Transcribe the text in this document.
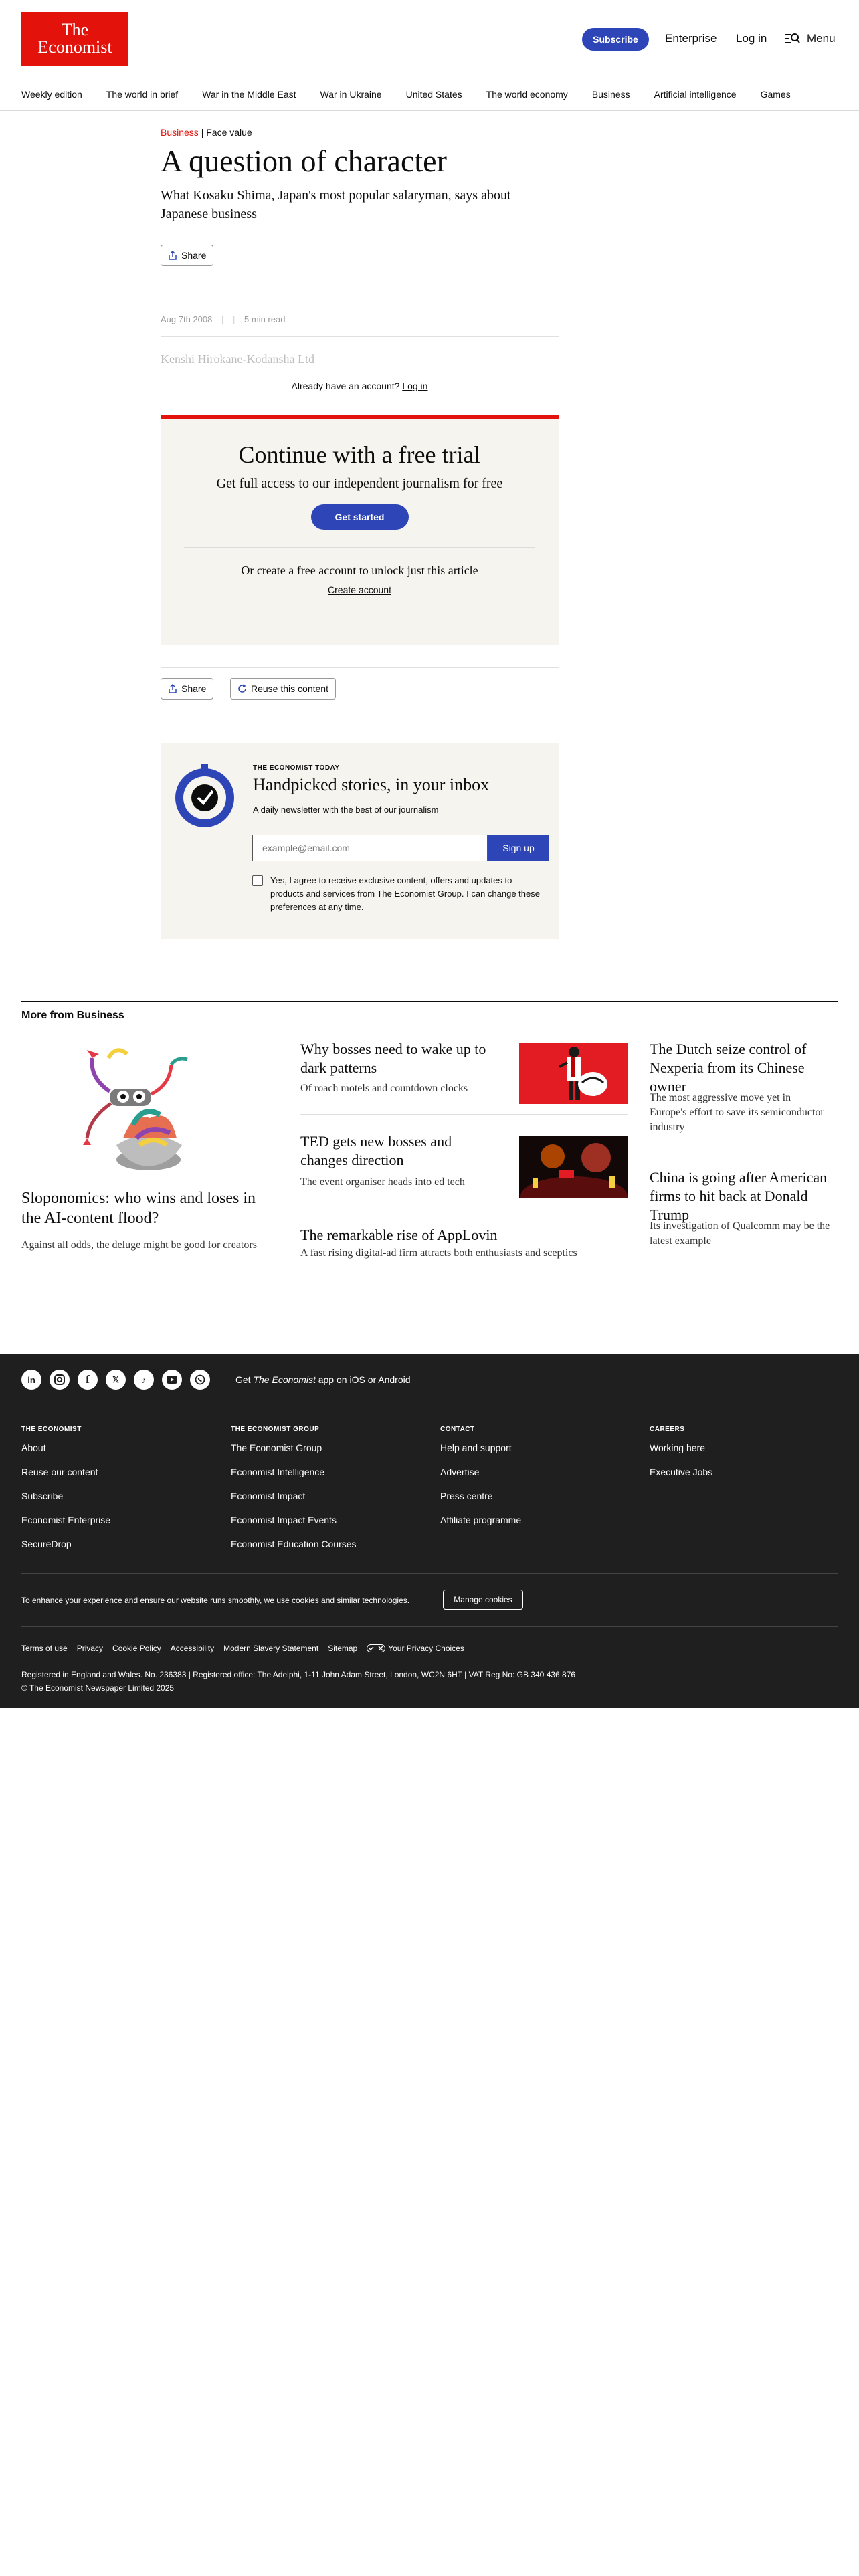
The
Economist	Subscribe	Enterprise Log in	Menu
Weekly edition	The world in brief	War in the Middle East	War in Ukraine	United States	The world economy	Business	Artificial intelligence	Games
Business | Face value
A question of character
What Kosaku Shima, Japan's most popular salaryman, says about Japanese business
Share
Aug 7th 2008 | | 5 min read
Kenshi Hirokane-Kodansha Ltd
Already have an account? Log in
Continue with a free trial
Get full access to our independent journalism for free
Get started
Or create a free account to unlock just this article
Create account
Share	Reuse this content
THE ECONOMIST TODAY
Handpicked stories, in your inbox
A daily newsletter with the best of our journalism
example@email.com
Sign up
Yes, I agree to receive exclusive content, offers and updates to products and services from The Economist Group. I can change these preferences at any time.
More from Business
Sloponomics: who wins and loses in the AI-content flood?
Against all odds, the deluge might be good for creators
Why bosses need to wake up to dark patterns
Of roach motels and countdown clocks
TED gets new bosses and changes direction
The event organiser heads into ed tech
The remarkable rise of AppLovin
A fast rising digital-ad firm attracts both enthusiasts and sceptics
The Dutch seize control of Nexperia from its Chinese owner
The most aggressive move yet in Europe's effort to save its semiconductor industry
China is going after American firms to hit back at Donald Trump
Its investigation of Qualcomm may be the latest example
in	f	𝕏	♪	Get The Economist app on iOS or Android
THE ECONOMIST
About
Reuse our content
Subscribe
Economist Enterprise
SecureDrop
THE ECONOMIST GROUP
The Economist Group
Economist Intelligence
Economist Impact
Economist Impact Events
Economist Education Courses
CONTACT
Help and support
Advertise
Press centre
Affiliate programme
CAREERS
Working here
Executive Jobs
To enhance your experience and ensure our website runs smoothly, we use cookies and similar technologies.	Manage cookies
Terms of use Privacy Cookie Policy Accessibility Modern Slavery Statement Sitemap	Your Privacy Choices
Registered in England and Wales. No. 236383 | Registered office: The Adelphi, 1-11 John Adam Street, London, WC2N 6HT | VAT Reg No: GB 340 436 876
© The Economist Newspaper Limited 2025
